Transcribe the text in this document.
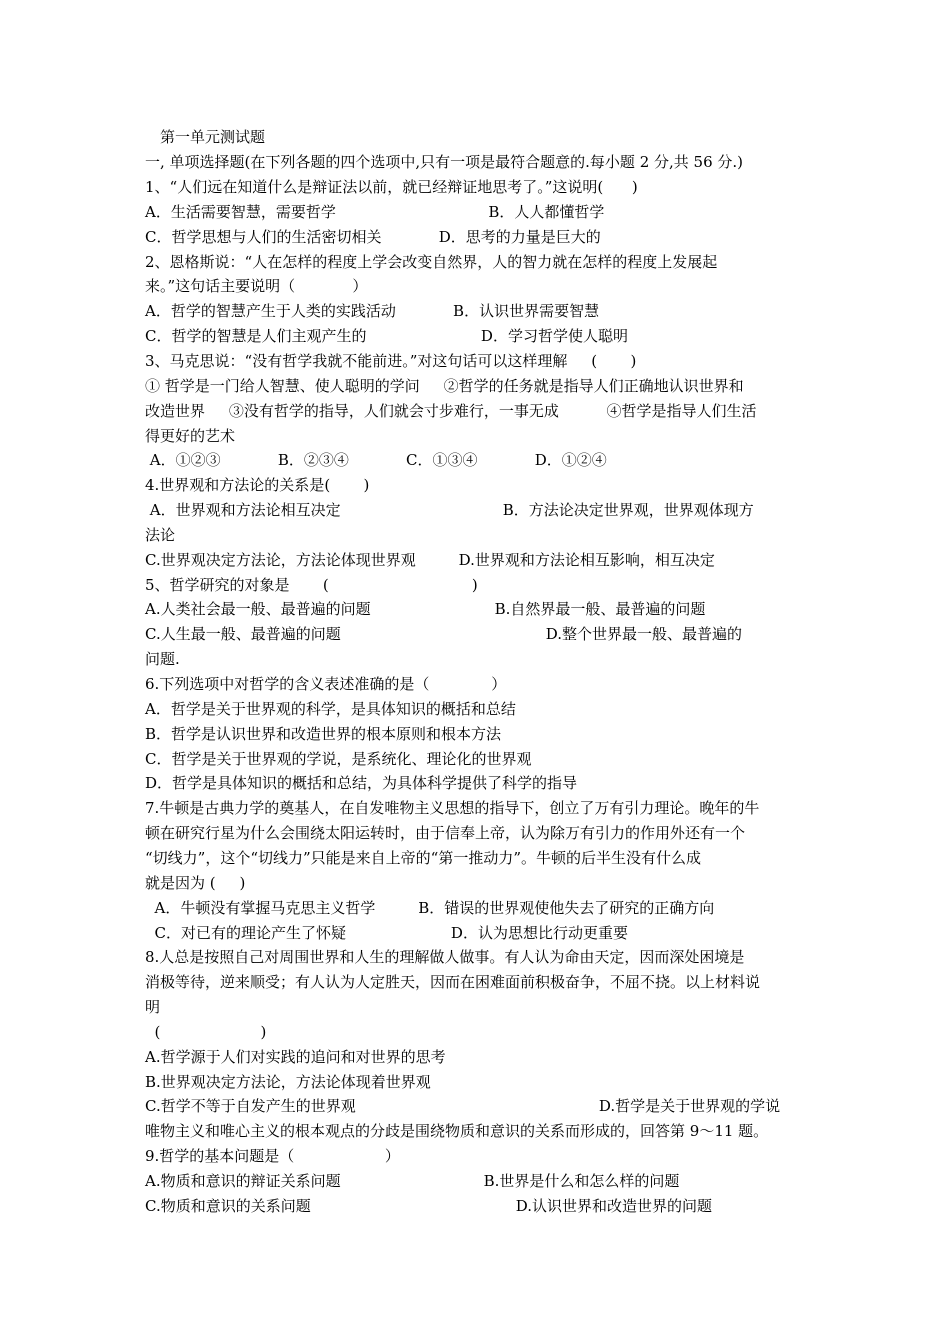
第一单元测试题
一, 单项选择题(在下列各题的四个选项中,只有一项是最符合题意的.每小题 2 分,共 56 分.)
1、“人们远在知道什么是辩证法以前，就已经辩证地思考了。”这说明(      )
A．生活需要智慧，需要哲学                                B．人人都懂哲学
C．哲学思想与人们的生活密切相关            D．思考的力量是巨大的
2、恩格斯说：“人在怎样的程度上学会改变自然界，人的智力就在怎样的程度上发展起
来。”这句话主要说明（            ）
A．哲学的智慧产生于人类的实践活动            B．认识世界需要智慧
C．哲学的智慧是人们主观产生的                        D．学习哲学使人聪明
3、马克思说：“没有哲学我就不能前进。”对这句话可以这样理解     (       )
① 哲学是一门给人智慧、使人聪明的学问     ②哲学的任务就是指导人们正确地认识世界和
改造世界     ③没有哲学的指导，人们就会寸步难行，一事无成          ④哲学是指导人们生活
得更好的艺术
A．①②③            B．②③④            C．①③④            D．①②④
4.世界观和方法论的关系是(       )
A．世界观和方法论相互决定                                  B．方法论决定世界观，世界观体现方
法论
C.世界观决定方法论，方法论体现世界观         D.世界观和方法论相互影响，相互决定
5、哲学研究的对象是       (                              )
A.人类社会最一般、最普遍的问题                          B.自然界最一般、最普遍的问题
C.人生最一般、最普遍的问题                                           D.整个世界最一般、最普遍的
问题.
6.下列选项中对哲学的含义表述准确的是（             ）
A．哲学是关于世界观的科学，是具体知识的概括和总结
B．哲学是认识世界和改造世界的根本原则和根本方法
C．哲学是关于世界观的学说，是系统化、理论化的世界观
D．哲学是具体知识的概括和总结，为具体科学提供了科学的指导
7.牛顿是古典力学的奠基人，在自发唯物主义思想的指导下，创立了万有引力理论。晚年的牛
顿在研究行星为什么会围绕太阳运转时，由于信奉上帝，认为除万有引力的作用外还有一个
“切线力”，这个“切线力”只能是来自上帝的“第一推动力”。牛顿的后半生没有什么成
就是因为 (     )
A．牛顿没有掌握马克思主义哲学         B．错误的世界观使他失去了研究的正确方向
C．对已有的理论产生了怀疑                      D．认为思想比行动更重要
8.人总是按照自己对周围世界和人生的理解做人做事。有人认为命由天定，因而深处困境是
消极等待，逆来顺受；有人认为人定胜天，因而在困难面前积极奋争，不屈不挠。以上材料说
明
(                     )
A.哲学源于人们对实践的追问和对世界的思考
B.世界观决定方法论，方法论体现着世界观
C.哲学不等于自发产生的世界观                                                   D.哲学是关于世界观的学说
唯物主义和唯心主义的根本观点的分歧是围绕物质和意识的关系而形成的，回答第 9～11 题。
9.哲学的基本问题是（                   ）
A.物质和意识的辩证关系问题                              B.世界是什么和怎么样的问题
C.物质和意识的关系问题                                           D.认识世界和改造世界的问题
